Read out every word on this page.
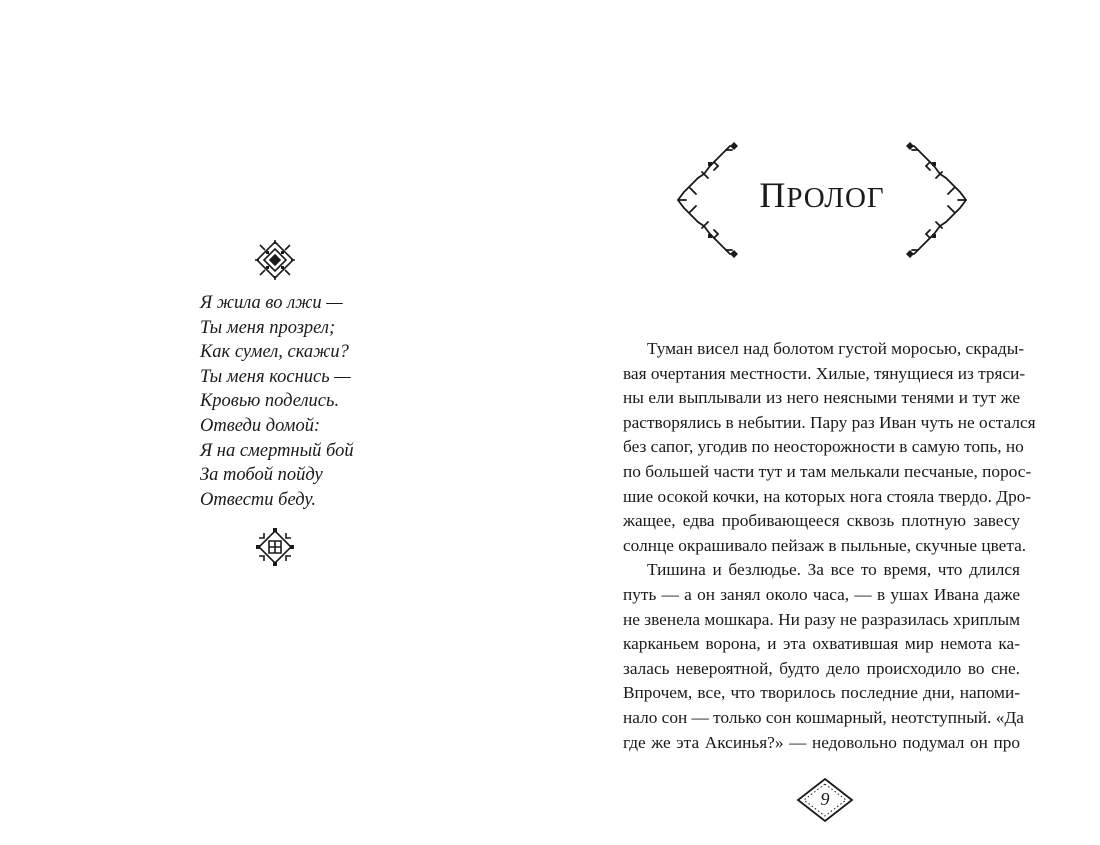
Я жила во лжи —
Ты меня прозрел;
Как сумел, скажи?
Ты меня коснись —
Кровью поделись.
Отведи домой:
Я на смертный бой
За тобой пойду
Отвести беду.
ПРОЛОГ

Туман висел над болотом густой моросью, скрады-
вая очертания местности. Хилые, тянущиеся из тряси-
ны ели выплывали из него неясными тенями и тут же
растворялись в небытии. Пару раз Иван чуть не остался
без сапог, угодив по неосторожности в самую топь, но
по большей части тут и там мелькали песчаные, порос-
шие осокой кочки, на которых нога стояла твердо. Дро-
жащее, едва пробивающееся сквозь плотную завесу
солнце окрашивало пейзаж в пыльные, скучные цвета.

Тишина и безлюдье. За все то время, что длился
путь — а он занял около часа, — в ушах Ивана даже
не звенела мошкара. Ни разу не разразилась хриплым
карканьем ворона, и эта охватившая мир немота ка-
залась невероятной, будто дело происходило во сне.
Впрочем, все, что творилось последние дни, напоми-
нало сон — только сон кошмарный, неотступный. «Да
где же эта Аксинья?» — недовольно подумал он про

9
